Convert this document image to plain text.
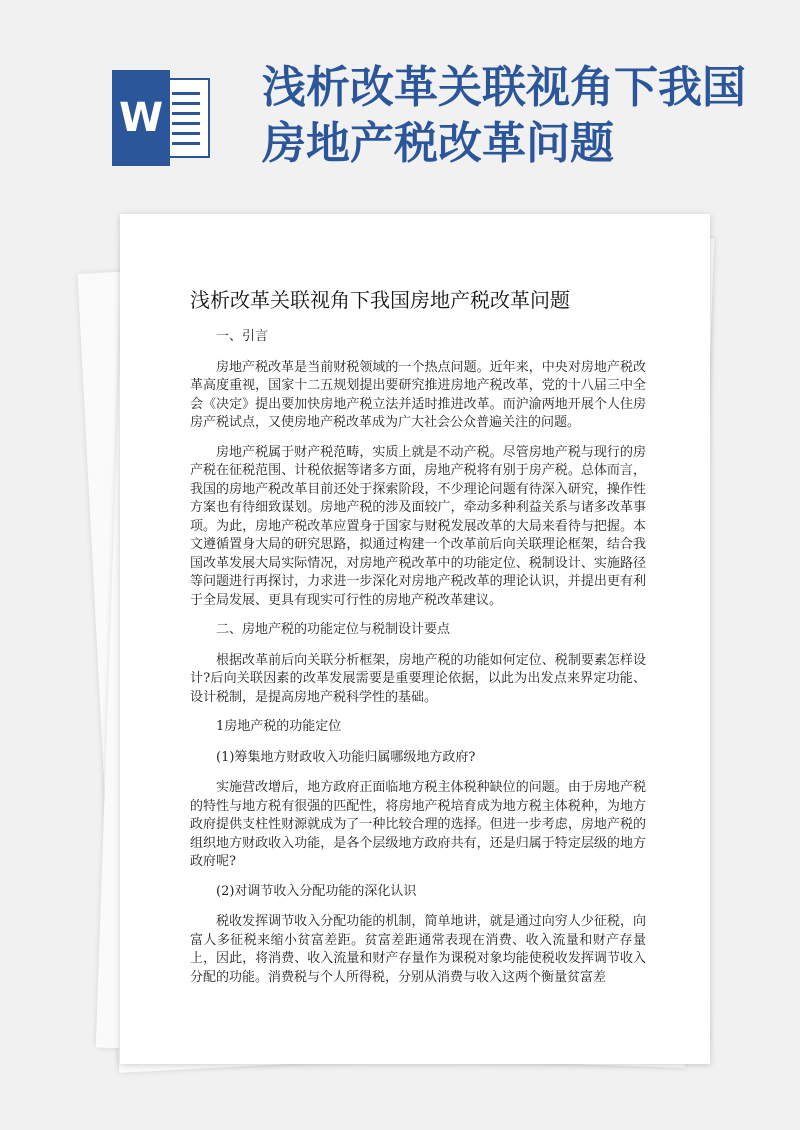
W
浅析改革关联视角下我国房地产税改革问题
浅析改革关联视角下我国房地产税改革问题
一、引言

房地产税改革是当前财税领域的一个热点问题。近年来，中央对房地产税改革高度重视，国家十二五规划提出要研究推进房地产税改革，党的十八届三中全会《决定》提出要加快房地产税立法并适时推进改革。而沪渝两地开展个人住房房产税试点，又使房地产税改革成为广大社会公众普遍关注的问题。

房地产税属于财产税范畴，实质上就是不动产税。尽管房地产税与现行的房产税在征税范围、计税依据等诸多方面，房地产税将有别于房产税。总体而言，我国的房地产税改革目前还处于探索阶段，不少理论问题有待深入研究，操作性方案也有待细致谋划。房地产税的涉及面较广，牵动多种利益关系与诸多改革事项。为此，房地产税改革应置身于国家与财税发展改革的大局来看待与把握。本文遵循置身大局的研究思路，拟通过构建一个改革前后向关联理论框架，结合我国改革发展大局实际情况，对房地产税改革中的功能定位、税制设计、实施路径等问题进行再探讨，力求进一步深化对房地产税改革的理论认识，并提出更有利于全局发展、更具有现实可行性的房地产税改革建议。

二、房地产税的功能定位与税制设计要点

根据改革前后向关联分析框架，房地产税的功能如何定位、税制要素怎样设计?后向关联因素的改革发展需要是重要理论依据，以此为出发点来界定功能、设计税制，是提高房地产税科学性的基础。

1房地产税的功能定位
(1)筹集地方财政收入功能归属哪级地方政府?

实施营改增后，地方政府正面临地方税主体税种缺位的问题。由于房地产税的特性与地方税有很强的匹配性，将房地产税培育成为地方税主体税种，为地方政府提供支柱性财源就成为了一种比较合理的选择。但进一步考虑，房地产税的组织地方财政收入功能，是各个层级地方政府共有，还是归属于特定层级的地方政府呢?

(2)对调节收入分配功能的深化认识

税收发挥调节收入分配功能的机制，简单地讲，就是通过向穷人少征税，向富人多征税来缩小贫富差距。贫富差距通常表现在消费、收入流量和财产存量上，因此，将消费、收入流量和财产存量作为课税对象均能使税收发挥调节收入分配的功能。消费税与个人所得税，分别从消费与收入这两个衡量贫富差
